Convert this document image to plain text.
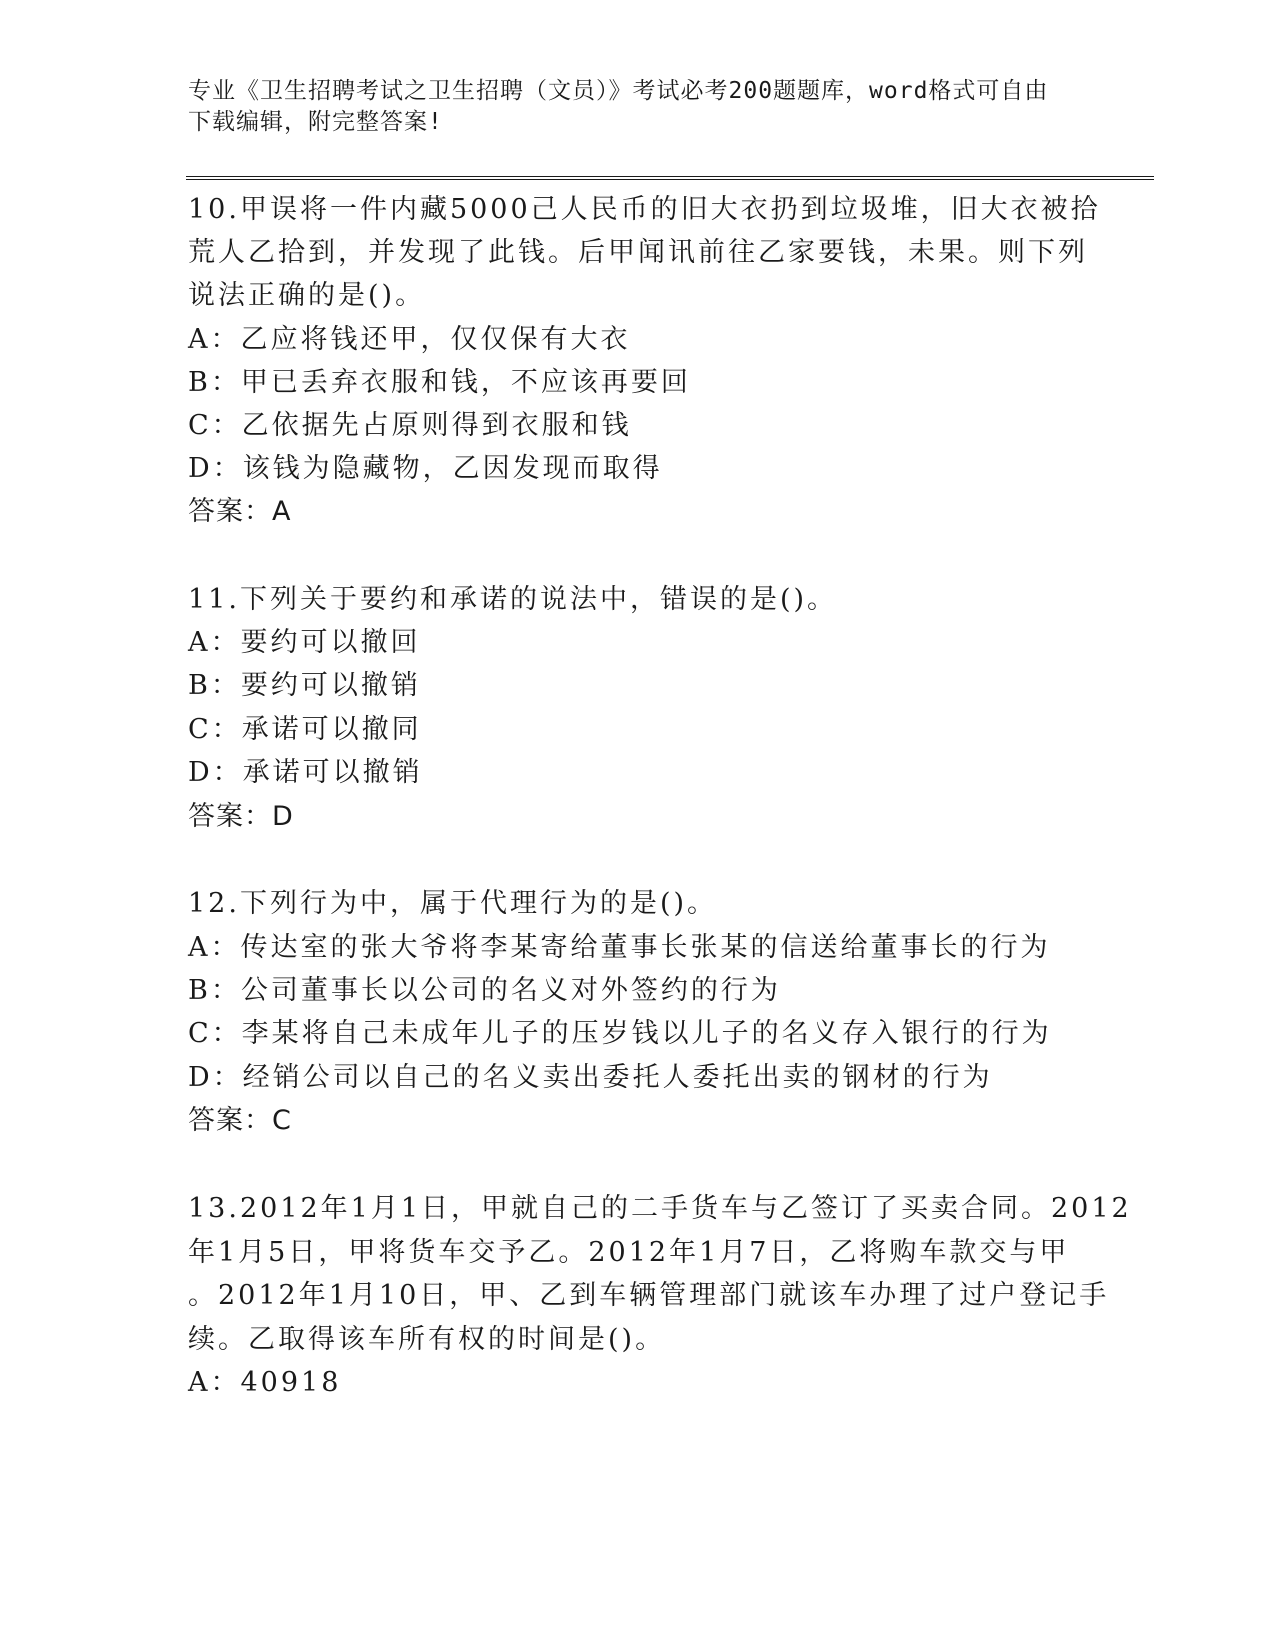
专业《卫生招聘考试之卫生招聘（文员）》考试必考200题题库，word格式可自由下载编辑，附完整答案!
10.甲误将一件内藏5000己人民币的旧大衣扔到垃圾堆，旧大衣被拾
荒人乙拾到，并发现了此钱。后甲闻讯前往乙家要钱，未果。则下列
说法正确的是()。
A：乙应将钱还甲，仅仅保有大衣
B：甲已丢弃衣服和钱，不应该再要回
C：乙依据先占原则得到衣服和钱
D：该钱为隐藏物，乙因发现而取得
答案：A
11.下列关于要约和承诺的说法中，错误的是()。
A：要约可以撤回
B：要约可以撤销
C：承诺可以撤同
D：承诺可以撤销
答案：D
12.下列行为中，属于代理行为的是()。
A：传达室的张大爷将李某寄给董事长张某的信送给董事长的行为
B：公司董事长以公司的名义对外签约的行为
C：李某将自己未成年儿子的压岁钱以儿子的名义存入银行的行为
D：经销公司以自己的名义卖出委托人委托出卖的钢材的行为
答案：C
13.2012年1月1日，甲就自己的二手货车与乙签订了买卖合同。2012
年1月5日，甲将货车交予乙。2012年1月7日，乙将购车款交与甲
。2012年1月10日，甲、乙到车辆管理部门就该车办理了过户登记手
续。乙取得该车所有权的时间是()。
A：40918
